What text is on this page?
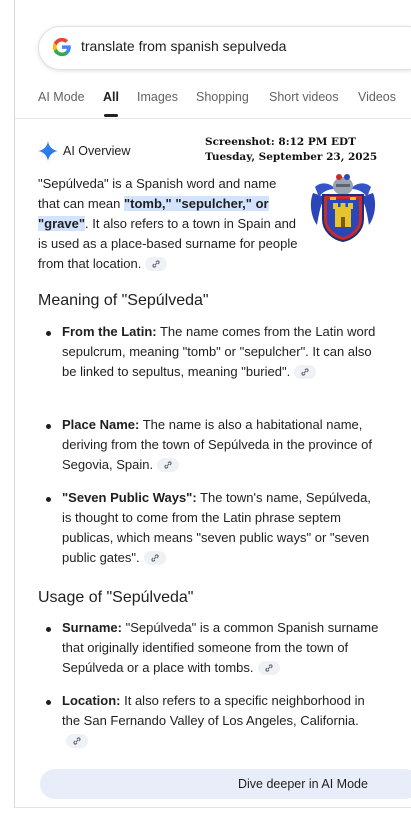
translate from spanish sepulveda
AI Mode All Images Shopping Short videos Videos
AI Overview
Screenshot: 8:12 PM EDT
Tuesday, September 23, 2025
"Sepúlveda" is a Spanish word and name that can mean "tomb," "sepulcher," or "grave". It also refers to a town in Spain and is used as a place-based surname for people from that location.
Meaning of "Sepúlveda"
From the Latin: The name comes from the Latin word sepulcrum, meaning "tomb" or "sepulcher". It can also be linked to sepultus, meaning "buried".
Place Name: The name is also a habitational name, deriving from the town of Sepúlveda in the province of Segovia, Spain.
"Seven Public Ways": The town's name, Sepúlveda, is thought to come from the Latin phrase septem publicas, which means "seven public ways" or "seven public gates".
Usage of "Sepúlveda"
Surname: "Sepúlveda" is a common Spanish surname that originally identified someone from the town of Sepúlveda or a place with tombs.
Location: It also refers to a specific neighborhood in the San Fernando Valley of Los Angeles, California.
Dive deeper in AI Mode
